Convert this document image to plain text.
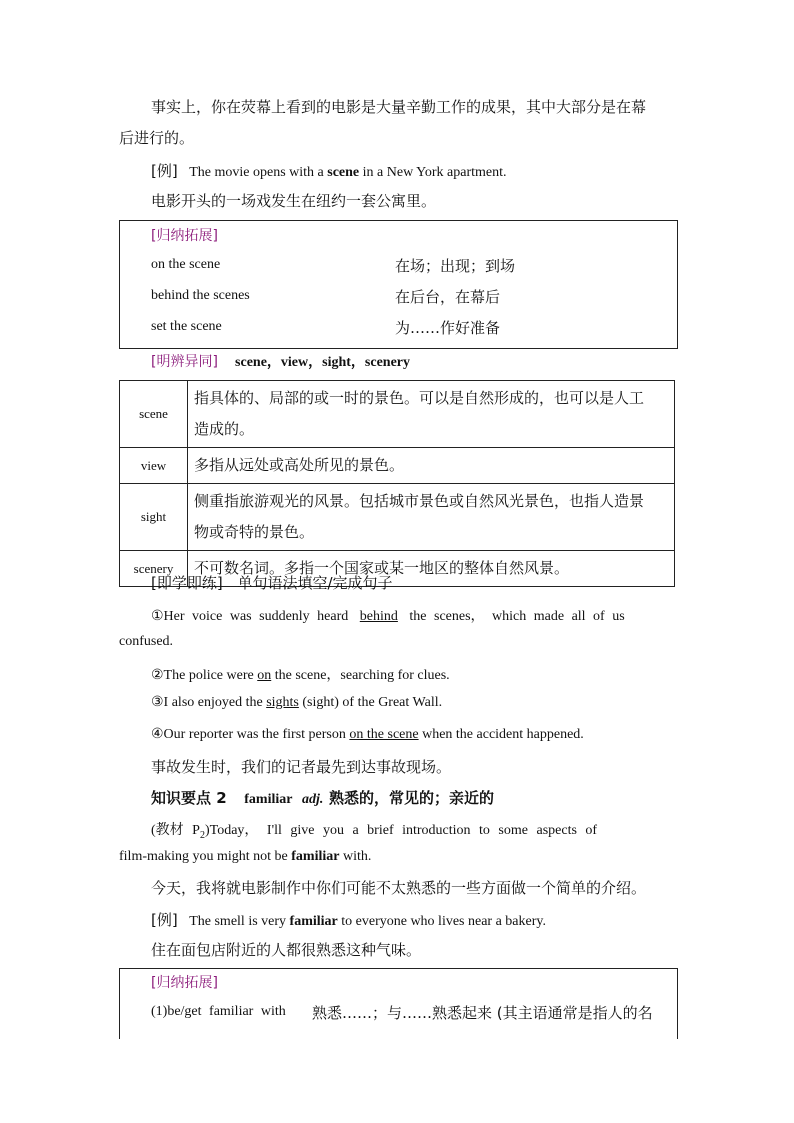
事实上，你在荧幕上看到的电影是大量辛勤工作的成果，其中大部分是在幕
后进行的。
[例] The movie opens with a scene in a New York apartment.
电影开头的一场戏发生在纽约一套公寓里。
[归纳拓展]
on the scene	在场；出现；到场
behind the scenes	在后台，在幕后
set the scene	为……作好准备
[明辨异同] scene，view，sight，scenery
scene	指具体的、局部的或一时的景色。可以是自然形成的，也可以是人工
造成的。

view	多指从远处或高处所见的景色。

sight	侧重指旅游观光的风景。包括城市景色或自然风光景色，也指人造景
物或奇特的景色。

scenery	不可数名词。多指一个国家或某一地区的整体自然风景。
[即学即练] 单句语法填空/完成句子
①Her voice was suddenly heard behind the scenes， which made all of us
confused.
②The police were on the scene，searching for clues.
③I also enjoyed the sights (sight) of the Great Wall.
④Our reporter was the first person on the scene when the accident happened.
事故发生时，我们的记者最先到达事故现场。
知识要点 2 familiar adj. 熟悉的，常见的；亲近的
(教材 $P_2)Today$， I'll give you a brief introduction to some aspects of
film-making you might not be familiar with.
今天，我将就电影制作中你们可能不太熟悉的一些方面做一个简单的介绍。
[例] The smell is very familiar to everyone who lives near a bakery.
住在面包店附近的人都很熟悉这种气味。
[归纳拓展]
(1)be/get familiar with 熟悉……；与……熟悉起来 (其主语通常是指人的名
